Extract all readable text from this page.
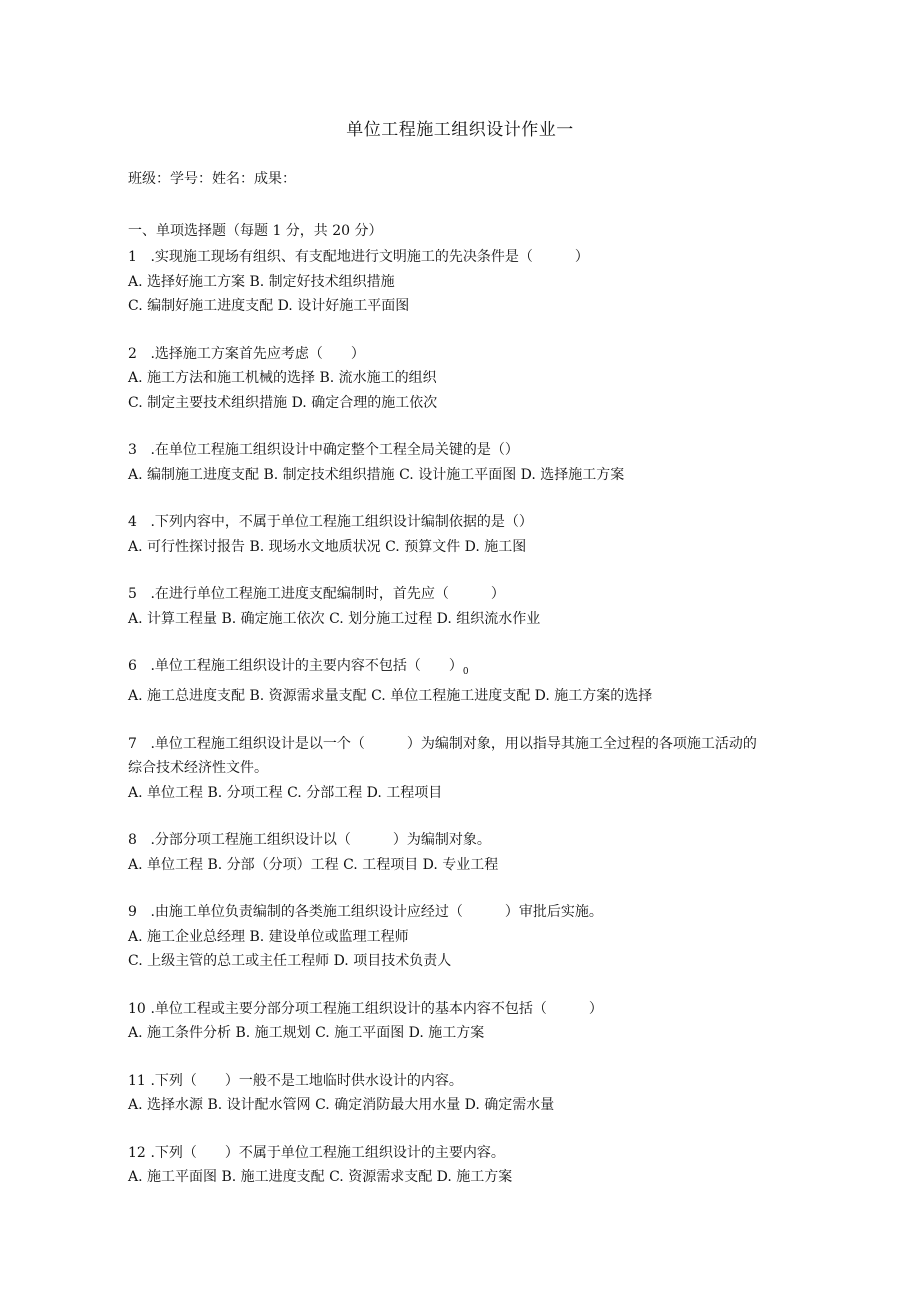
单位工程施工组织设计作业一
班级：学号：姓名：成果：
一、单项选择题（每题 1 分，共 20 分）
1 .实现施工现场有组织、有支配地进行文明施工的先决条件是（　　　）
A. 选择好施工方案 B. 制定好技术组织措施
C. 编制好施工进度支配 D. 设计好施工平面图
2 .选择施工方案首先应考虑（　　）
A. 施工方法和施工机械的选择 B. 流水施工的组织
C. 制定主要技术组织措施 D. 确定合理的施工依次
3 .在单位工程施工组织设计中确定整个工程全局关键的是（）
A. 编制施工进度支配 B. 制定技术组织措施 C. 设计施工平面图 D. 选择施工方案
4 .下列内容中，不属于单位工程施工组织设计编制依据的是（）
A. 可行性探讨报告 B. 现场水文地质状况 C. 预算文件 D. 施工图
5 .在进行单位工程施工进度支配编制时，首先应（　　　）
A. 计算工程量 B. 确定施工依次 C. 划分施工过程 D. 组织流水作业
6 .单位工程施工组织设计的主要内容不包括（　　）$_0$
A. 施工总进度支配 B. 资源需求量支配 C. 单位工程施工进度支配 D. 施工方案的选择
7 .单位工程施工组织设计是以一个（　　　）为编制对象，用以指导其施工全过程的各项施工活动的综合技术经济性文件。
A. 单位工程 B. 分项工程 C. 分部工程 D. 工程项目
8 .分部分项工程施工组织设计以（　　　）为编制对象。
A. 单位工程 B. 分部（分项）工程 C. 工程项目 D. 专业工程
9 .由施工单位负责编制的各类施工组织设计应经过（　　　）审批后实施。
A. 施工企业总经理 B. 建设单位或监理工程师
C. 上级主管的总工或主任工程师 D. 项目技术负责人
10 .单位工程或主要分部分项工程施工组织设计的基本内容不包括（　　　）
A. 施工条件分析 B. 施工规划 C. 施工平面图 D. 施工方案
11 .下列（　　）一般不是工地临时供水设计的内容。
A. 选择水源 B. 设计配水管网 C. 确定消防最大用水量 D. 确定需水量
12 .下列（　　）不属于单位工程施工组织设计的主要内容。
A. 施工平面图 B. 施工进度支配 C. 资源需求支配 D. 施工方案
